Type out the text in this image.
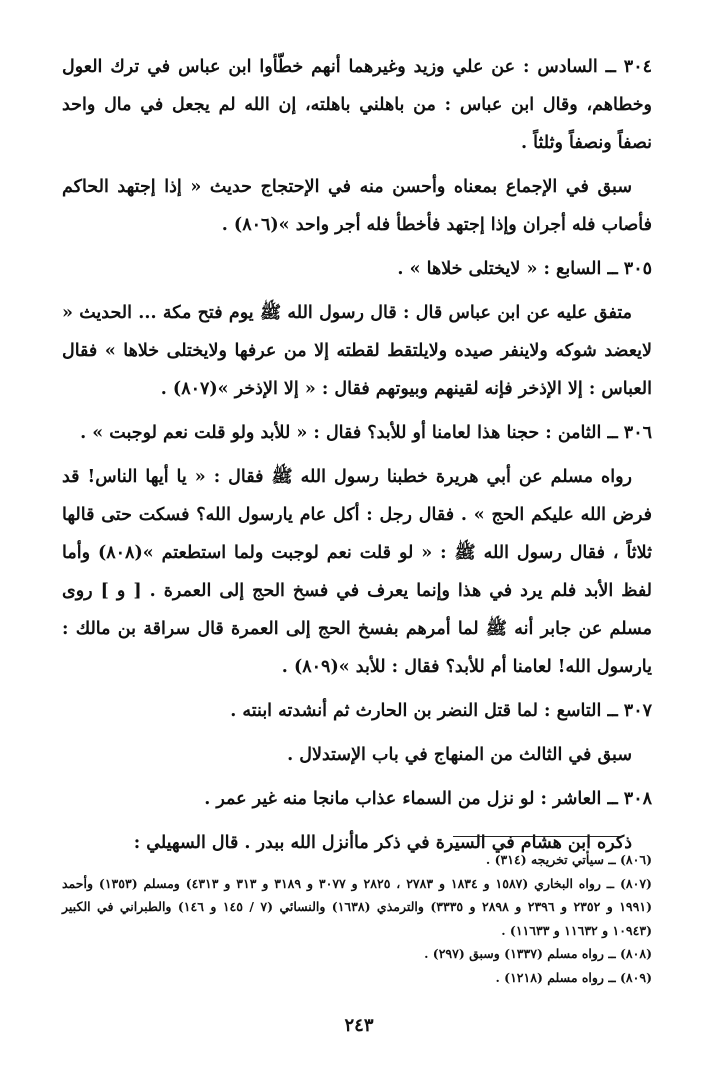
٣٠٤ ــ السادس : عن علي وزيد وغيرهما أنهم خطّأوا ابن عباس في ترك العول وخطاهم، وقال ابن عباس : من باهلني باهلته، إن الله لم يجعل في مال واحد نصفاً ونصفاً وثلثاً .

سبق في الإجماع بمعناه وأحسن منه في الإحتجاج حديث « إذا إجتهد الحاكم فأصاب فله أجران وإذا إجتهد فأخطأ فله أجر واحد »(٨٠٦) .

٣٠٥ ــ السابع : « لايختلى خلاها » .

متفق عليه عن ابن عباس قال : قال رسول الله ﷺ يوم فتح مكة ... الحديث « لايعضد شوكه ولاينفر صيده ولايلتقط لقطته إلا من عرفها ولايختلى خلاها » فقال العباس : إلا الإذخر فإنه لقينهم وبيوتهم فقال : « إلا الإذخر »(٨٠٧) .

٣٠٦ ــ الثامن : حجنا هذا لعامنا أو للأبد؟ فقال : « للأبد ولو قلت نعم لوجبت » .

رواه مسلم عن أبي هريرة خطبنا رسول الله ﷺ فقال : « يا أيها الناس! قد فرض الله عليكم الحج » . فقال رجل : أكل عام يارسول الله؟ فسكت حتى قالها ثلاثاً ، فقال رسول الله ﷺ : « لو قلت نعم لوجبت ولما استطعتم »(٨٠٨) وأما لفظ الأبد فلم يرد في هذا وإنما يعرف في فسخ الحج إلى العمرة . [ و ] روى مسلم عن جابر أنه ﷺ لما أمرهم بفسخ الحج إلى العمرة قال سراقة بن مالك : يارسول الله! لعامنا أم للأبد؟ فقال : للأبد »(٨٠٩) .

٣٠٧ ــ التاسع : لما قتل النضر بن الحارث ثم أنشدته ابنته .

سبق في الثالث من المنهاج في باب الإستدلال .

٣٠٨ ــ العاشر : لو نزل من السماء عذاب مانجا منه غير عمر .

ذكره ابن هشام في السيرة في ذكر ماأنزل الله ببدر . قال السهيلي :

(٨٠٦) ــ سيأتي تخريجه (٣١٤) .

(٨٠٧) ــ رواه البخاري (١٥٨٧ و ١٨٣٤ و ٢٧٨٣ ، ٢٨٢٥ و ٣٠٧٧ و ٣١٨٩ و ٣١٣ و ٤٣١٣) ومسلم (١٣٥٣) وأحمد (١٩٩١ و ٢٣٥٢ و ٢٣٩٦ و ٢٨٩٨ و ٣٣٣٥) والترمذي (١٦٣٨) والنسائي (٧ / ١٤٥ و ١٤٦) والطبراني في الكبير (١٠٩٤٣ و ١١٦٣٢ و ١١٦٣٣) .

(٨٠٨) ــ رواه مسلم (١٣٣٧) وسبق (٢٩٧) .

(٨٠٩) ــ رواه مسلم (١٢١٨) .

٢٤٣
